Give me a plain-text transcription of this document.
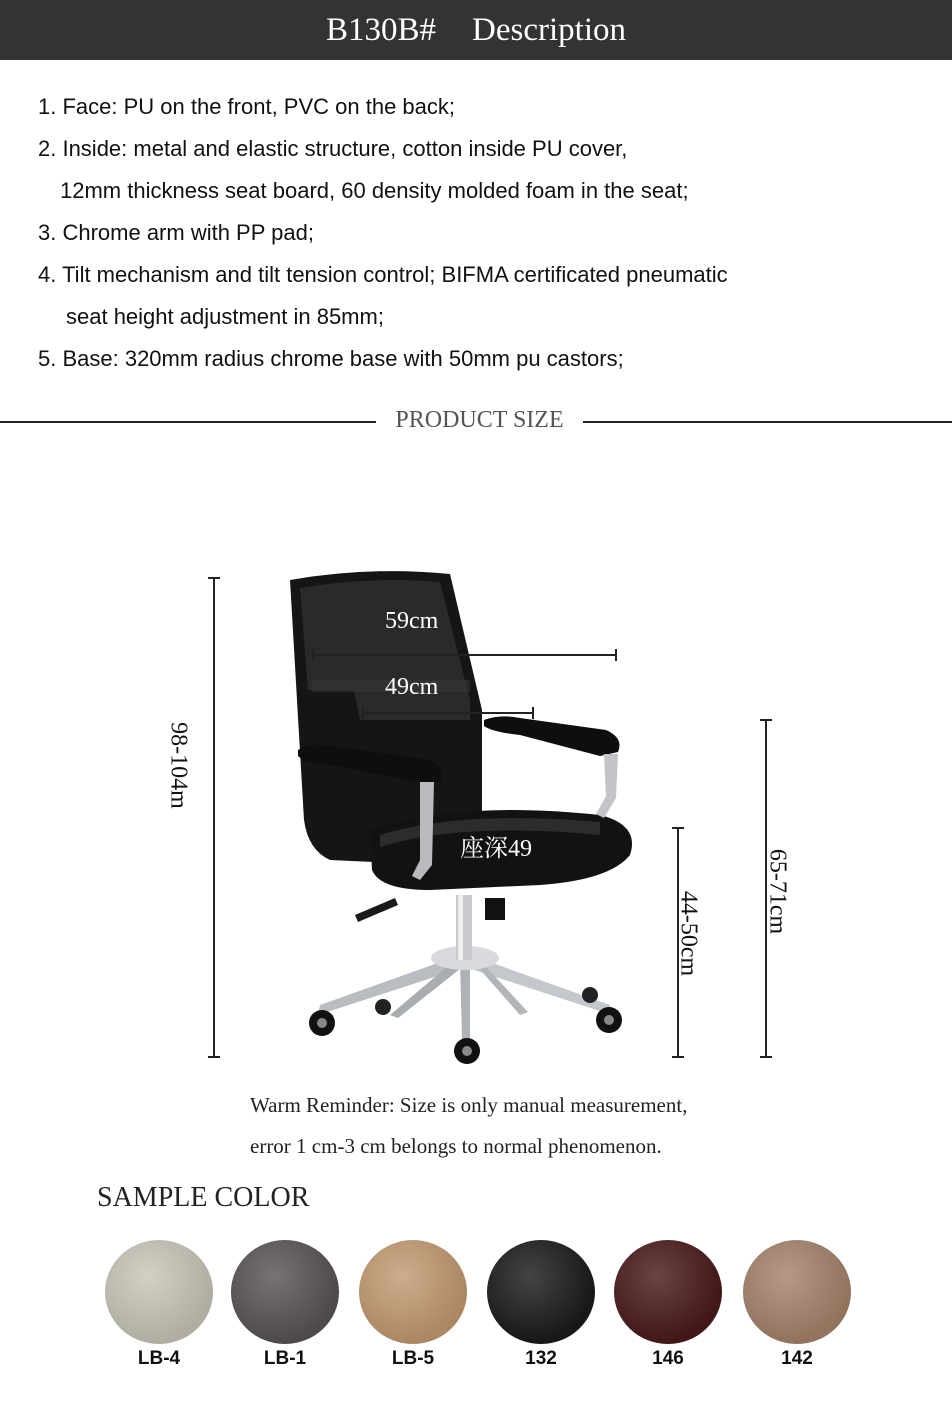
B130B# Description
1. Face: PU on the front, PVC on the back;
2. Inside: metal and elastic structure, cotton inside PU cover,
12mm thickness seat board, 60 density molded foam in the seat;
3. Chrome arm with PP pad;
4. Tilt mechanism and tilt tension control; BIFMA certificated pneumatic
seat height adjustment in 85mm;
5. Base: 320mm radius chrome base with 50mm pu castors;
PRODUCT SIZE
59cm
49cm
座深49
98-104m
44-50cm	65-71cm
Warm Reminder: Size is only manual measurement,
error 1 cm-3 cm belongs to normal phenomenon.
SAMPLE COLOR
LB-4	LB-1	LB-5	132	146	142
